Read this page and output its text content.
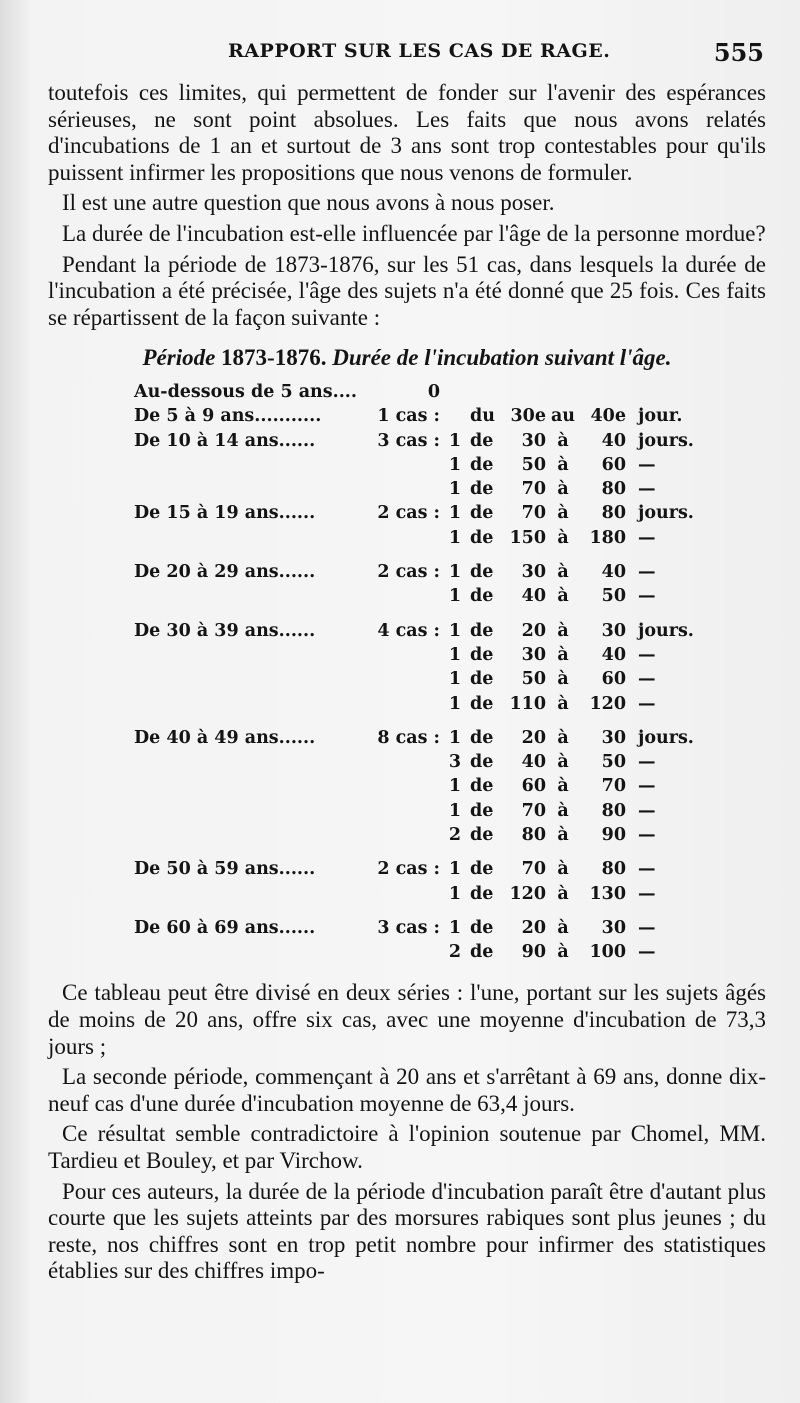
RAPPORT SUR LES CAS DE RAGE.	555

toutefois ces limites, qui permettent de fonder sur l'avenir des espérances sérieuses, ne sont point absolues. Les faits que nous avons relatés d'incubations de 1 an et surtout de 3 ans sont trop contestables pour qu'ils puissent infirmer les propositions que nous venons de formuler.

Il est une autre question que nous avons à nous poser.

La durée de l'incubation est-elle influencée par l'âge de la personne mordue?

Pendant la période de 1873-1876, sur les 51 cas, dans lesquels la durée de l'incubation a été précisée, l'âge des sujets n'a été donné que 25 fois. Ces faits se répartissent de la façon suivante :

Période 1873-1876. Durée de l'incubation suivant l'âge.
Au-dessous de 5 ans....	0						
De 5 à 9 ans...........	1 cas :		du	30e	au	40e	jour.
De 10 à 14 ans......	3 cas :	1	de	30	à	40	jours.
		1	de	50	à	60	—
		1	de	70	à	80	—
De 15 à 19 ans......	2 cas :	1	de	70	à	80	jours.
		1	de	150	à	180	—

De 20 à 29 ans......	2 cas :	1	de	30	à	40	—
		1	de	40	à	50	—

De 30 à 39 ans......	4 cas :	1	de	20	à	30	jours.
		1	de	30	à	40	—
		1	de	50	à	60	—
		1	de	110	à	120	—

De 40 à 49 ans......	8 cas :	1	de	20	à	30	jours.
		3	de	40	à	50	—
		1	de	60	à	70	—
		1	de	70	à	80	—
		2	de	80	à	90	—

De 50 à 59 ans......	2 cas :	1	de	70	à	80	—
		1	de	120	à	130	—

De 60 à 69 ans......	3 cas :	1	de	20	à	30	—
		2	de	90	à	100	—

Ce tableau peut être divisé en deux séries : l'une, portant sur les sujets âgés de moins de 20 ans, offre six cas, avec une moyenne d'incubation de 73,3 jours ;

La seconde période, commençant à 20 ans et s'arrêtant à 69 ans, donne dix-neuf cas d'une durée d'incubation moyenne de 63,4 jours.

Ce résultat semble contradictoire à l'opinion soutenue par Chomel, MM. Tardieu et Bouley, et par Virchow.

Pour ces auteurs, la durée de la période d'incubation paraît être d'autant plus courte que les sujets atteints par des morsures rabiques sont plus jeunes ; du reste, nos chiffres sont en trop petit nombre pour infirmer des statistiques établies sur des chiffres impo-
